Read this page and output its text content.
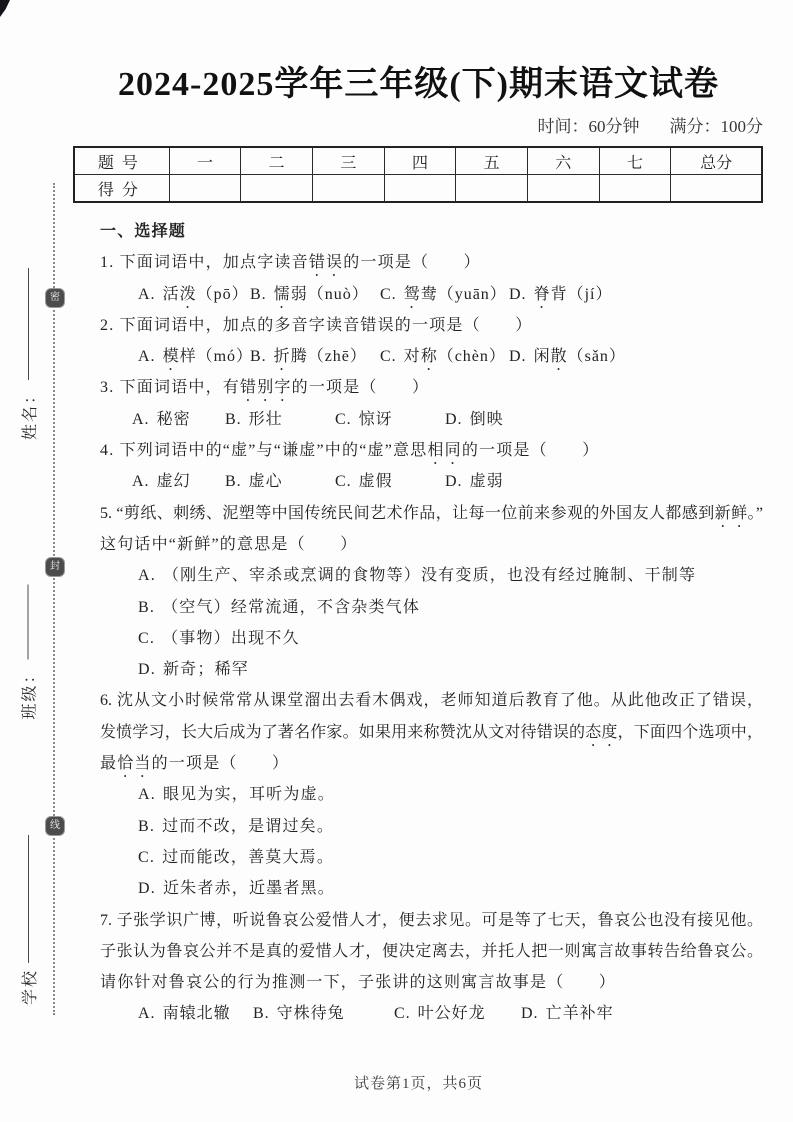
密
封
线
姓名：
班级：
学校
2024-2025学年三年级(下)期末语文试卷
时间：60分钟 满分：100分
题号	一	二	三	四	五	六	七	总分
得分								
一、选择题
1. 下面词语中，加点字读音错误的一项是（　　）
A. 活泼（pō）B. 懦弱（nuò） C. 鸳鸯（yuān） D. 脊背（jí）
2. 下面词语中，加点的多音字读音错误的一项是（　　）
A. 模样（mó）B. 折腾（zhē） C. 对称（chèn） D. 闲散（sǎn）
3. 下面词语中，有错别字的一项是（　　）
A. 秘密 B. 形壮	C. 惊讶	D. 倒映
4. 下列词语中的“虚”与“谦虚”中的“虚”意思相同的一项是（　　）
A. 虚幻 B. 虚心	C. 虚假	D. 虚弱
5. “剪纸、刺绣、泥塑等中国传统民间艺术作品，让每一位前来参观的外国友人都感到新鲜。”
这句话中“新鲜”的意思是（　　）
A. （刚生产、宰杀或烹调的食物等）没有变质，也没有经过腌制、干制等
B. （空气）经常流通，不含杂类气体
C. （事物）出现不久
D. 新奇；稀罕
6. 沈从文小时候常常从课堂溜出去看木偶戏，老师知道后教育了他。从此他改正了错误，
发愤学习，长大后成为了著名作家。如果用来称赞沈从文对待错误的态度，下面四个选项中，
最恰当的一项是（　　）
A. 眼见为实，耳听为虚。
B. 过而不改，是谓过矣。
C. 过而能改，善莫大焉。
D. 近朱者赤，近墨者黑。
7. 子张学识广博，听说鲁哀公爱惜人才，便去求见。可是等了七天，鲁哀公也没有接见他。
子张认为鲁哀公并不是真的爱惜人才，便决定离去，并托人把一则寓言故事转告给鲁哀公。
请你针对鲁哀公的行为推测一下，子张讲的这则寓言故事是（　　）
A. 南辕北辙 B. 守株待兔	C. 叶公好龙 D. 亡羊补牢
试卷第1页，共6页
